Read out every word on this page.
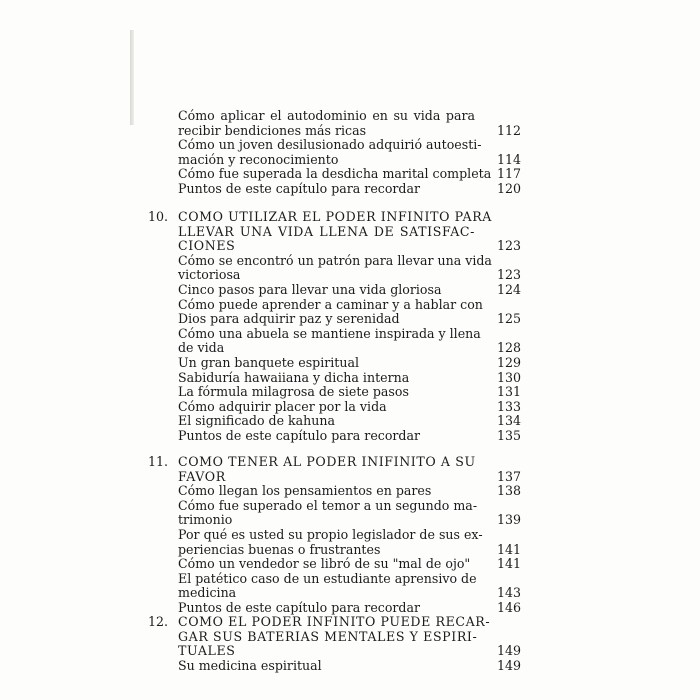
Cómo aplicar el autodominio en su vida para
recibir bendiciones más ricas	112
Cómo un joven desilusionado adquirió autoesti-
mación y reconocimiento	114
Cómo fue superada la desdicha marital completa 117
Puntos de este capítulo para recordar	120
10. COMO UTILIZAR EL PODER INFINITO PARA
LLEVAR UNA VIDA LLENA DE SATISFAC-
CIONES	123
Cómo se encontró un patrón para llevar una vida
victoriosa	123
Cinco pasos para llevar una vida gloriosa	124
Cómo puede aprender a caminar y a hablar con
Dios para adquirir paz y serenidad	125
Cómo una abuela se mantiene inspirada y llena
de vida	128
Un gran banquete espiritual	129
Sabiduría hawaiiana y dicha interna	130
La fórmula milagrosa de siete pasos	131
Cómo adquirir placer por la vida	133
El significado de kahuna	134
Puntos de este capítulo para recordar	135
11. COMO TENER AL PODER INIFINITO A SU
FAVOR	137
Cómo llegan los pensamientos en pares	138
Cómo fue superado el temor a un segundo ma-
trimonio	139
Por qué es usted su propio legislador de sus ex-
periencias buenas o frustrantes	141
Cómo un vendedor se libró de su "mal de ojo" 141
El patético caso de un estudiante aprensivo de
medicina	143
Puntos de este capítulo para recordar	146
12. COMO EL PODER INFINITO PUEDE RECAR-
GAR SUS BATERIAS MENTALES Y ESPIRI-
TUALES	149
Su medicina espiritual	149
